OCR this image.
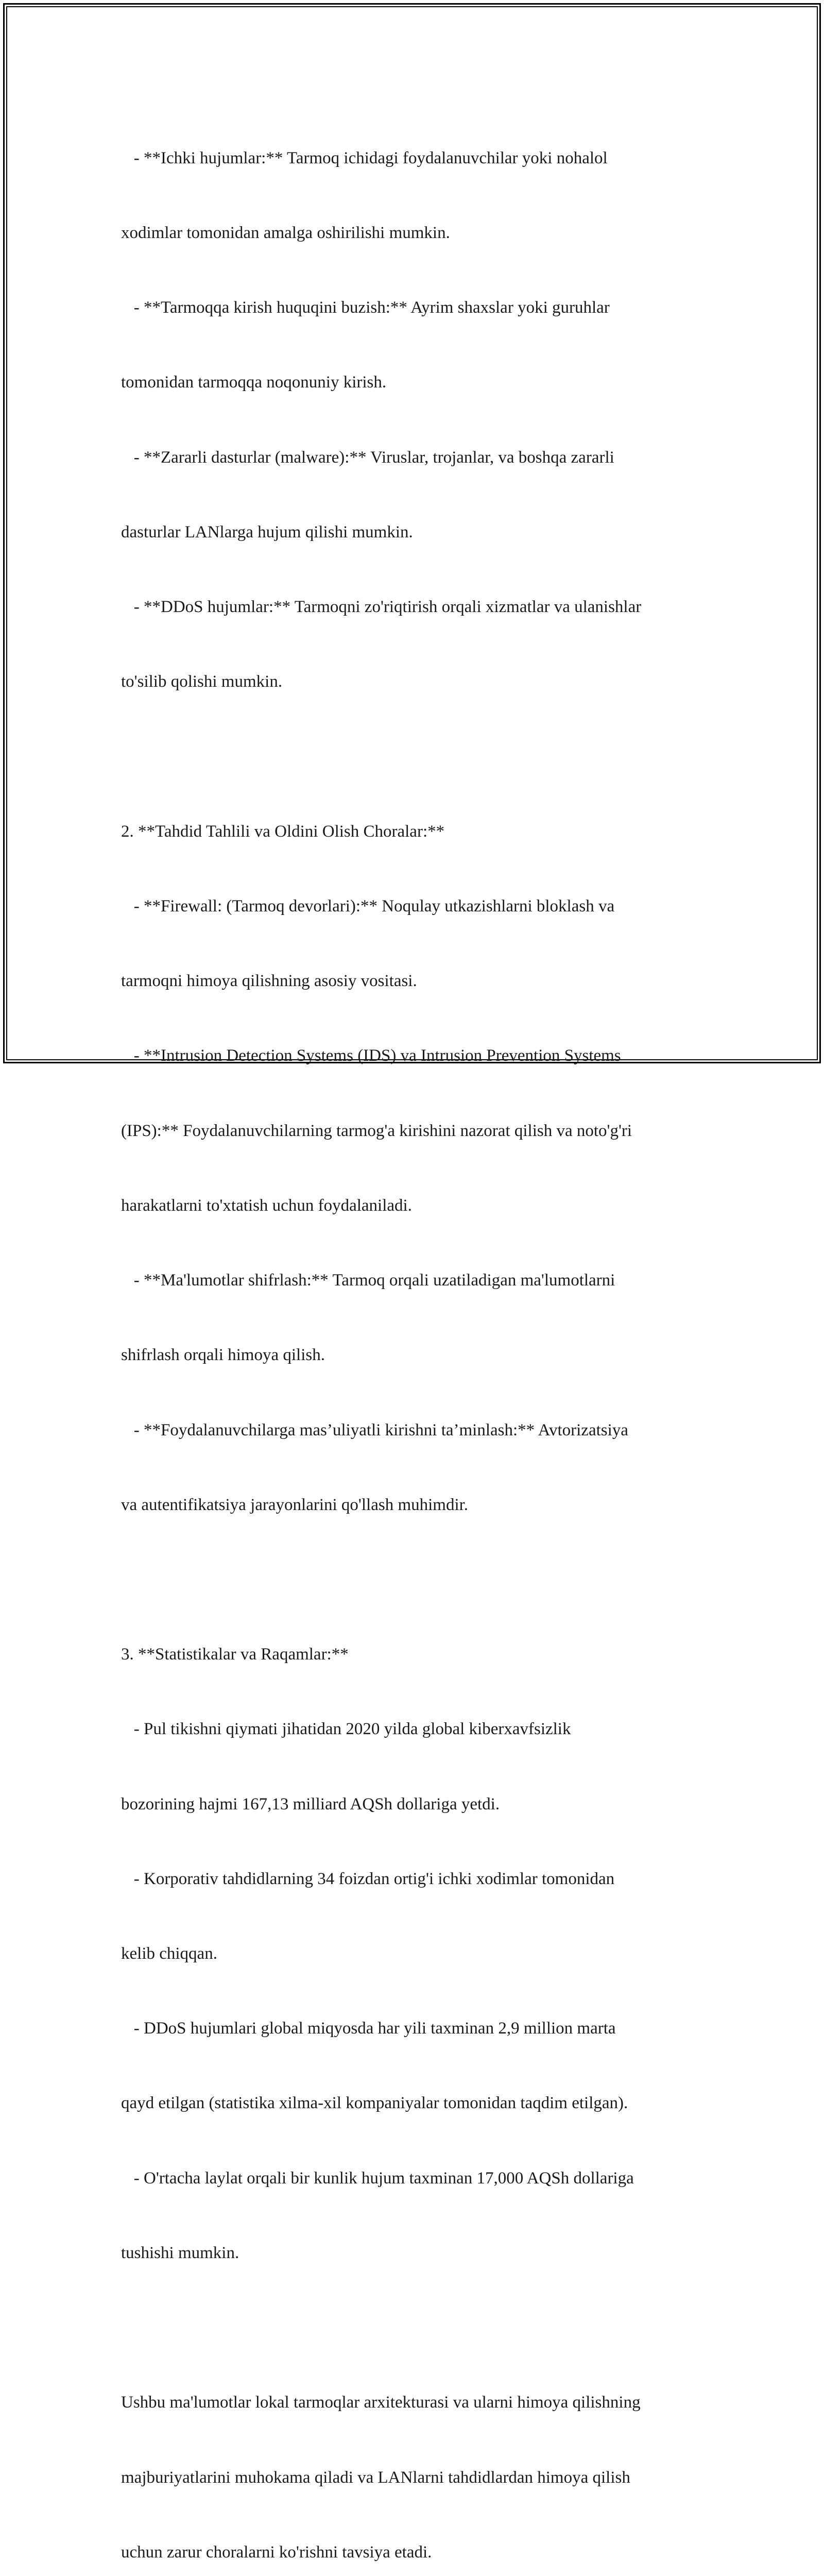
- **Ichki hujumlar:** Tarmoq ichidagi foydalanuvchilar yoki nohalol

xodimlar tomonidan amalga oshirilishi mumkin.

- **Tarmoqqa kirish huquqini buzish:** Ayrim shaxslar yoki guruhlar

tomonidan tarmoqqa noqonuniy kirish.

- **Zararli dasturlar (malware):** Viruslar, trojanlar, va boshqa zararli

dasturlar LANlarga hujum qilishi mumkin.

- **DDoS hujumlar:** Tarmoqni zo'riqtirish orqali xizmatlar va ulanishlar

to'silib qolishi mumkin.

2. **Tahdid Tahlili va Oldini Olish Choralar:**

- **Firewall: (Tarmoq devorlari):** Noqulay utkazishlarni bloklash va

tarmoqni himoya qilishning asosiy vositasi.

- **Intrusion Detection Systems (IDS) va Intrusion Prevention Systems

(IPS):** Foydalanuvchilarning tarmog'a kirishini nazorat qilish va noto'g'ri

harakatlarni to'xtatish uchun foydalaniladi.

- **Ma'lumotlar shifrlash:** Tarmoq orqali uzatiladigan ma'lumotlarni

shifrlash orqali himoya qilish.

- **Foydalanuvchilarga mas’uliyatli kirishni ta’minlash:** Avtorizatsiya

va autentifikatsiya jarayonlarini qo'llash muhimdir.

3. **Statistikalar va Raqamlar:**

- Pul tikishni qiymati jihatidan 2020 yilda global kiberxavfsizlik

bozorining hajmi 167,13 milliard AQSh dollariga yetdi.

- Korporativ tahdidlarning 34 foizdan ortig'i ichki xodimlar tomonidan

kelib chiqqan.

- DDoS hujumlari global miqyosda har yili taxminan 2,9 million marta

qayd etilgan (statistika xilma-xil kompaniyalar tomonidan taqdim etilgan).

- O'rtacha laylat orqali bir kunlik hujum taxminan 17,000 AQSh dollariga

tushishi mumkin.

Ushbu ma'lumotlar lokal tarmoqlar arxitekturasi va ularni himoya qilishning

majburiyatlarini muhokama qiladi va LANlarni tahdidlardan himoya qilish

uchun zarur choralarni ko'rishni tavsiya etadi.
